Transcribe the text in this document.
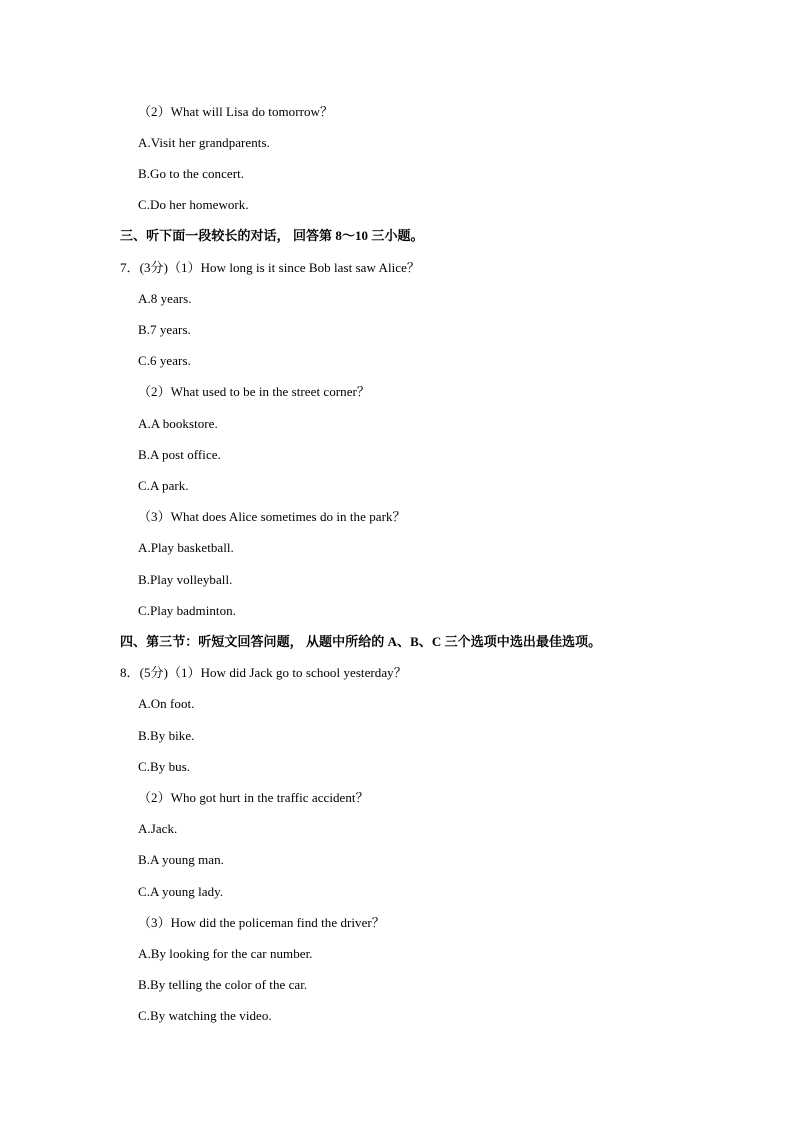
（2）What will Lisa do tomorrow？
A.Visit her grandparents.
B.Go to the concert.
C.Do her homework.
三、听下面一段较长的对话， 回答第 8～10 三小题。
7．(3分)（1）How long is it since Bob last saw Alice？
A.8 years.
B.7 years.
C.6 years.
（2）What used to be in the street corner？
A.A bookstore.
B.A post office.
C.A park.
（3）What does Alice sometimes do in the park？
A.Play basketball.
B.Play volleyball.
C.Play badminton.
四、第三节：听短文回答问题， 从题中所给的 A、B、C 三个选项中选出最佳选项。
8．(5分)（1）How did Jack go to school yesterday？
A.On foot.
B.By bike.
C.By bus.
（2）Who got hurt in the traffic accident？
A.Jack.
B.A young man.
C.A young lady.
（3）How did the policeman find the driver？
A.By looking for the car number.
B.By telling the color of the car.
C.By watching the video.
